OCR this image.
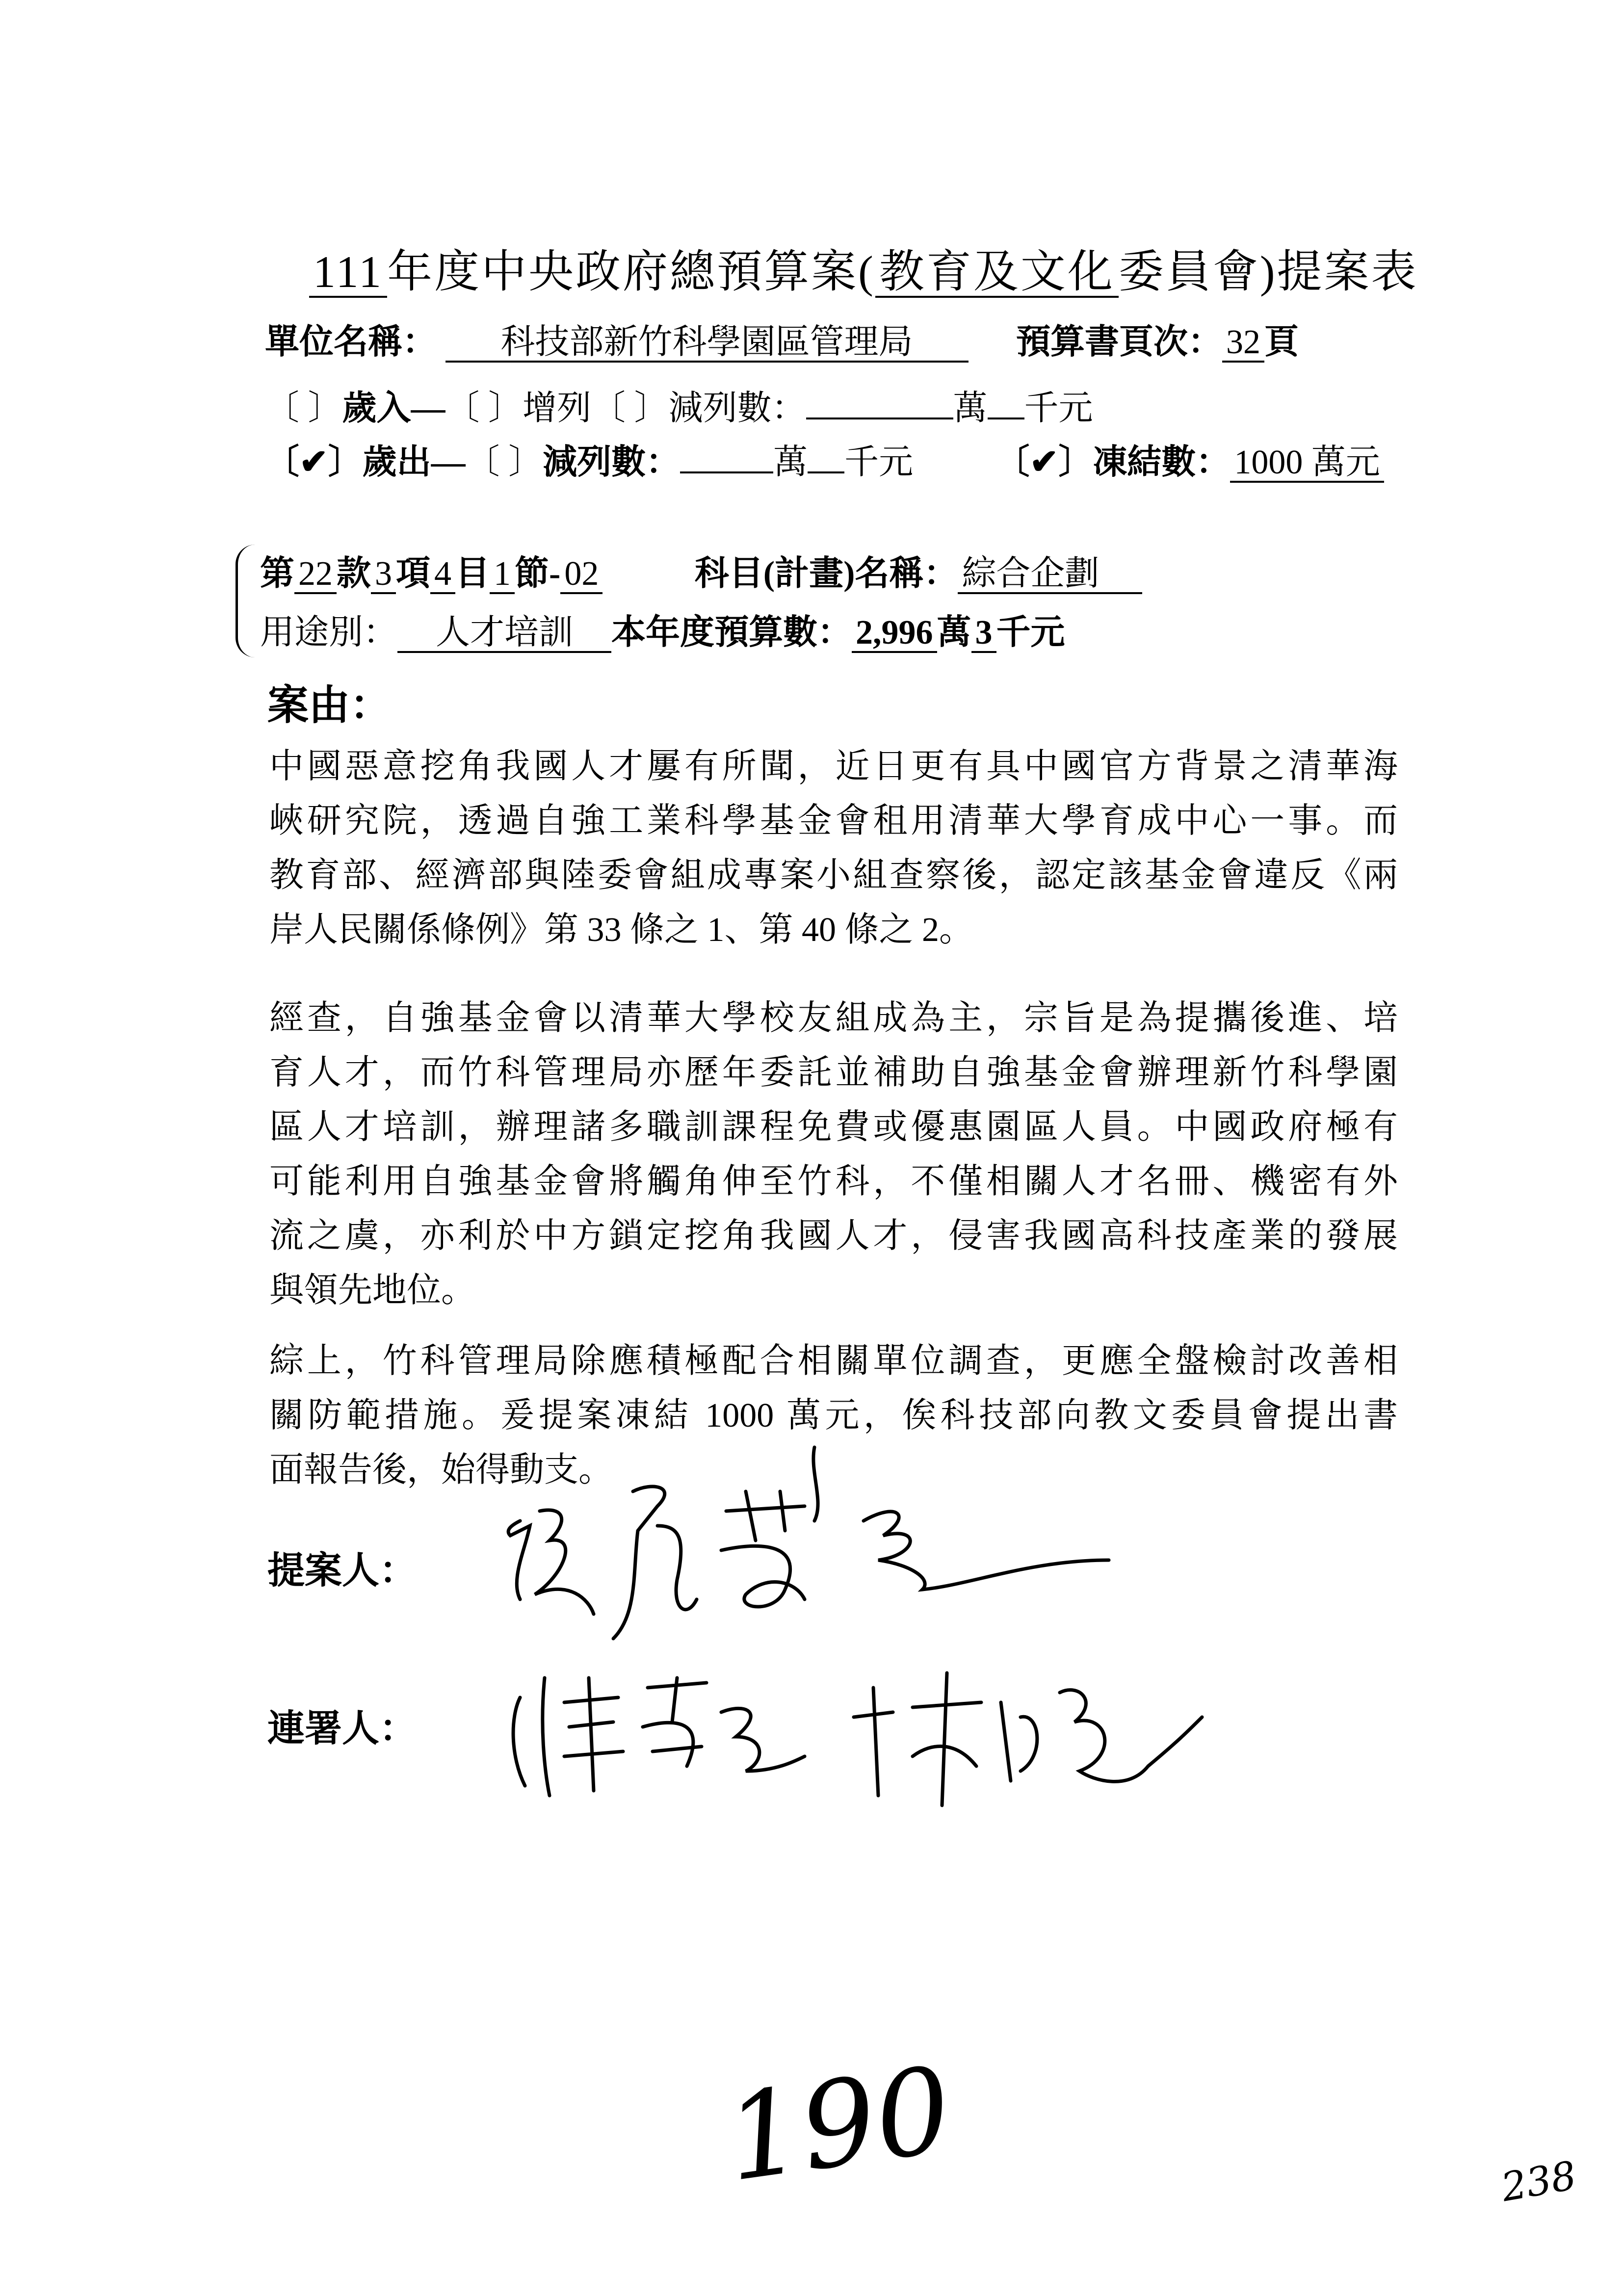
111年度中央政府總預算案(教育及文化委員會)提案表
單位名稱： 科技部新竹科學園區管理局	預算書頁次： 32 頁
〔 〕歲入—〔 〕增列〔 〕減列數：	萬 千元
〔✔〕歲出—〔 〕減列數：	萬 千元 〔✔〕凍結數： 1000 萬元
第 22 款 3 項 4 目 1 節- 02	科目(計畫)名稱： 綜合企劃
用途別： 人才培訓 本年度預算數： 2,996 萬 3 千元
案由：
中國惡意挖角我國人才屢有所聞，近日更有具中國官方背景之清華海
峽研究院，透過自強工業科學基金會租用清華大學育成中心一事。而
教育部、經濟部與陸委會組成專案小組查察後，認定該基金會違反《兩
岸人民關係條例》第 33 條之 1、第 40 條之 2。
經查，自強基金會以清華大學校友組成為主，宗旨是為提攜後進、培
育人才，而竹科管理局亦歷年委託並補助自強基金會辦理新竹科學園
區人才培訓，辦理諸多職訓課程免費或優惠園區人員。中國政府極有
可能利用自強基金會將觸角伸至竹科，不僅相關人才名冊、機密有外
流之虞，亦利於中方鎖定挖角我國人才，侵害我國高科技產業的發展
與領先地位。
綜上，竹科管理局除應積極配合相關單位調查，更應全盤檢討改善相
關防範措施。爰提案凍結 1000 萬元，俟科技部向教文委員會提出書
面報告後，始得動支。
提案人：
連署人：
190	238
